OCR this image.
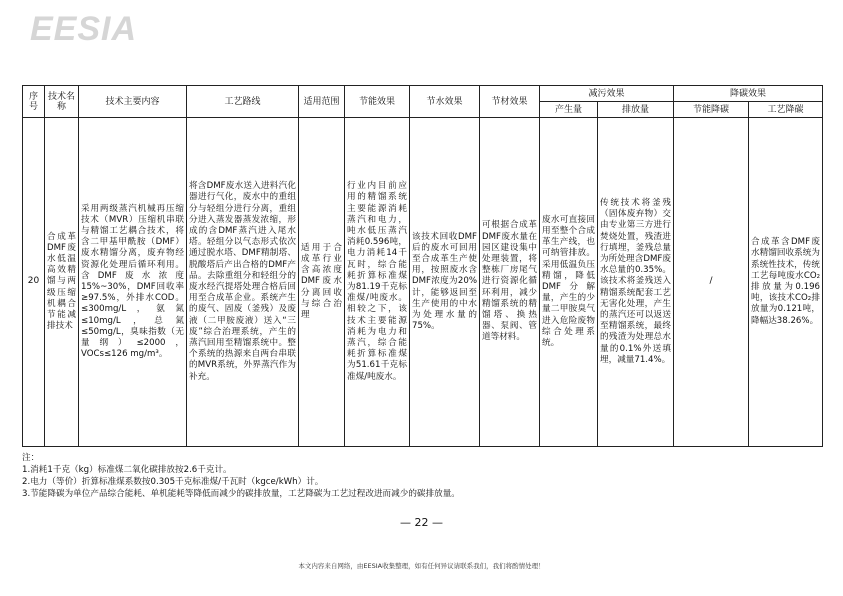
EESIA
序号	技术名称	技术主要内容	工艺路线	适用范围	节能效果	节水效果	节材效果	减污效果		降碳效果	
								产生量	排放量	节能降碳	工艺降碳
20	合成革DMF废水低温高效精馏与两级压缩机耦合节能减排技术	采用两级蒸汽机械再压缩技术（MVR）压缩机串联与精馏工艺耦合技术，将含二甲基甲酰胺（DMF）废水精馏分离，废弃物经资源化处理后循环利用。含DMF废水浓度15%~30%，DMF回收率≥97.5%，外排水COD。≤300mg/L，氨氮≤10mg/L，总氮≤50mg/L，臭味指数（无量纲）≤2000，VOCs≤126 mg/m³。	将含DMF废水送入进料汽化器进行气化，废水中的重组分与轻组分进行分离，重组分进入蒸发器蒸发浓缩，形成的含DMF蒸汽进入尾水塔。轻组分以气态形式依次通过脱水塔、DMF精制塔、脱酸塔后产出合格的DMF产品。去除重组分和轻组分的废水经汽提塔处理合格后回用至合成革企业。系统产生的废气、固废（釜残）及废液（二甲胺废液）送入“三废”综合治理系统，产生的蒸汽回用至精馏系统中。整个系统的热源来自两台串联的MVR系统，外界蒸汽作为补充。	适用于合成革行业含高浓度DMF废水分离回收与综合治理	行业内目前应用的精馏系统主要能源消耗蒸汽和电力，吨水低压蒸汽消耗0.596吨，电力消耗14千瓦时，综合能耗折算标准煤为81.19千克标准煤/吨废水。相较之下，该技术主要能源消耗为电力和蒸汽，综合能耗折算标准煤为51.61千克标准煤/吨废水。	该技术回收DMF后的废水可回用至合成革生产使用，按照废水含DMF浓度为20%计，能够返回至生产使用的中水为处理水量的75%。	可根据合成革DMF废水量在园区建设集中处理装置，将整栋厂房尾气进行资源化循环利用，减少精馏系统的精馏塔、换热器、泵阀、管道等材料。	废水可直接回用至整个合成革生产线，也可纳管排放。采用低温负压精馏，降低DMF分解量，产生的少量二甲胺臭气进入危险废物综合处理系统。	传统技术将釜残（固体废弃物）交由专业第三方进行焚烧处置，残渣进行填埋，釜残总量为所处理含DMF废水总量的0.35%。该技术将釜残送入精馏系统配套工艺无害化处理，产生的蒸汽还可以返送至精馏系统，最终的残渣为处理总水量的0.1%外送填埋，减量71.4%。	/	合成革含DMF废水精馏回收系统为系统性技术，传统工艺每吨废水CO₂排放量为0.196吨，该技术CO₂排放量为0.121吨，降幅达38.26%。
注：
1.消耗1千克（kg）标准煤二氧化碳排放按2.6千克计。
2.电力（等价）折算标准煤系数按0.305千克标准煤/千瓦时（kgce/kWh）计。
3.节能降碳为单位产品综合能耗、单机能耗等降低而减少的碳排放量，工艺降碳为工艺过程改进而减少的碳排放量。
— 22 —
本文内容来自网络，由EESIA收集整理，如有任何异议请联系我们，我们将酌情处理！
